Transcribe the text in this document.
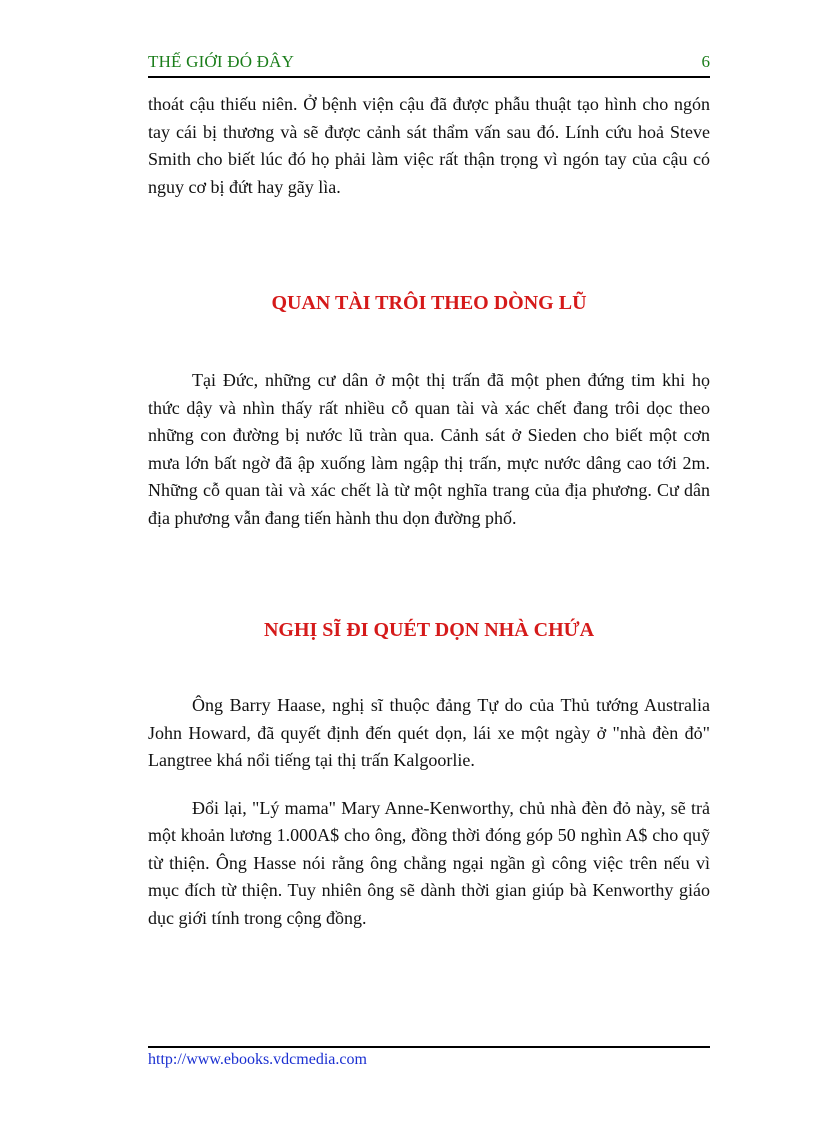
THẾ GIỚI ĐÓ ĐÂY	6

thoát cậu thiếu niên. Ở bệnh viện cậu đã được phẫu thuật tạo hình cho ngón tay cái bị thương và sẽ được cảnh sát thẩm vấn sau đó. Lính cứu hoả Steve Smith cho biết lúc đó họ phải làm việc rất thận trọng vì ngón tay của cậu có nguy cơ bị đứt hay gãy lìa.

QUAN TÀI TRÔI THEO DÒNG LŨ

Tại Đức, những cư dân ở một thị trấn đã một phen đứng tim khi họ thức dậy và nhìn thấy rất nhiều cỗ quan tài và xác chết đang trôi dọc theo những con đường bị nước lũ tràn qua. Cảnh sát ở Sieden cho biết một cơn mưa lớn bất ngờ đã ập xuống làm ngập thị trấn, mực nước dâng cao tới 2m. Những cỗ quan tài và xác chết là từ một nghĩa trang của địa phương. Cư dân địa phương vẫn đang tiến hành thu dọn đường phố.

NGHỊ SĨ ĐI QUÉT DỌN NHÀ CHỨA

Ông Barry Haase, nghị sĩ thuộc đảng Tự do của Thủ tướng Australia John Howard, đã quyết định đến quét dọn, lái xe một ngày ở "nhà đèn đỏ" Langtree khá nổi tiếng tại thị trấn Kalgoorlie.

Đổi lại, "Lý mama" Mary Anne-Kenworthy, chủ nhà đèn đỏ này, sẽ trả một khoản lương 1.000A$ cho ông, đồng thời đóng góp 50 nghìn A$ cho quỹ từ thiện. Ông Hasse nói rằng ông chẳng ngại ngần gì công việc trên nếu vì mục đích từ thiện. Tuy nhiên ông sẽ dành thời gian giúp bà Kenworthy giáo dục giới tính trong cộng đồng.

http://www.ebooks.vdcmedia.com
